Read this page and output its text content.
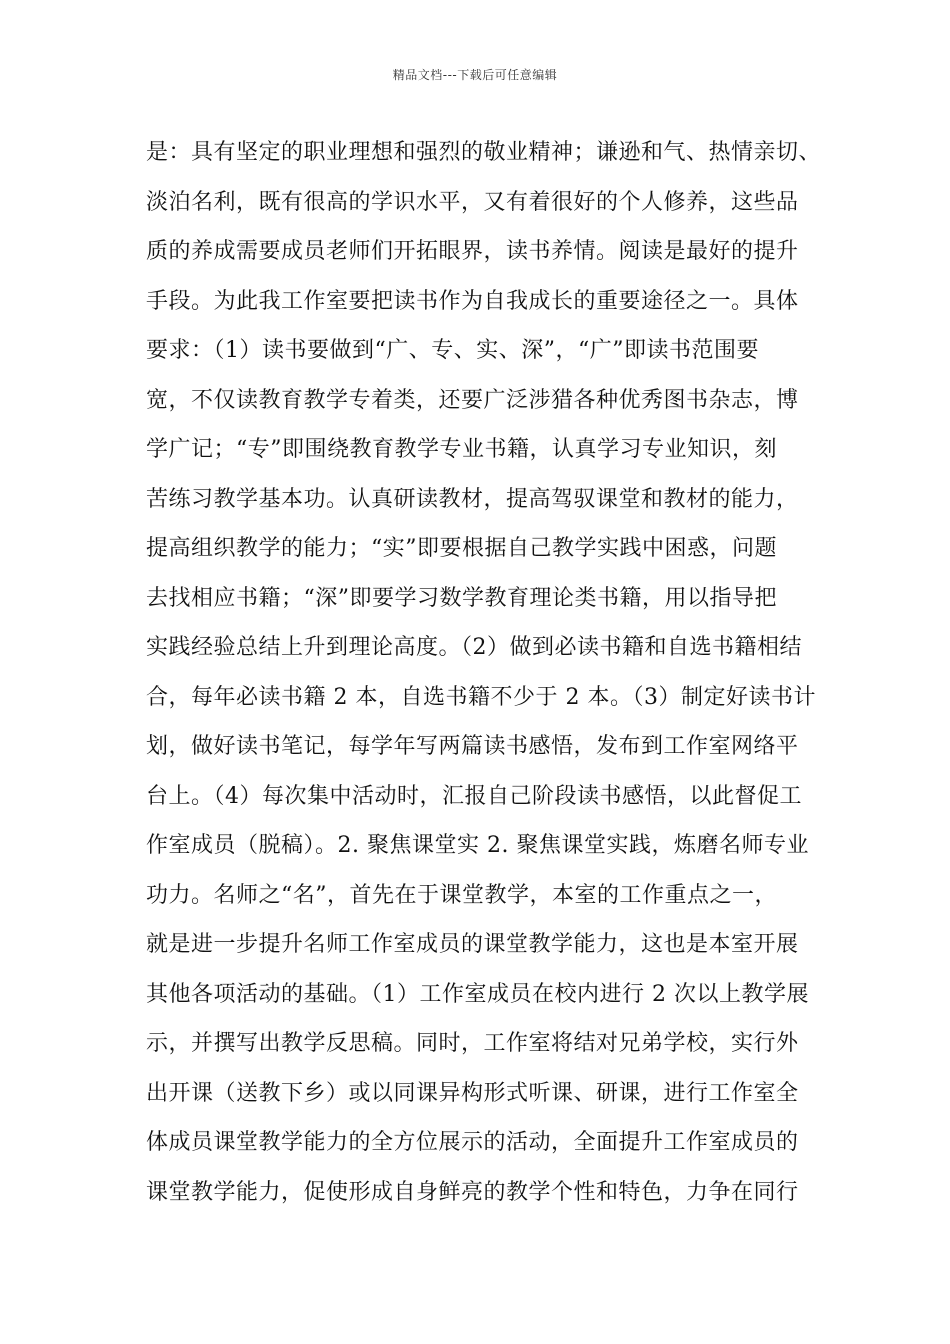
精品文档---下载后可任意编辑
是：具有坚定的职业理想和强烈的敬业精神；谦逊和气、热情亲切、
淡泊名利，既有很高的学识水平，又有着很好的个人修养，这些品
质的养成需要成员老师们开拓眼界，读书养情。阅读是最好的提升
手段。为此我工作室要把读书作为自我成长的重要途径之一。具体
要求：（1）读书要做到“广、专、实、深”，“广”即读书范围要
宽，不仅读教育教学专着类，还要广泛涉猎各种优秀图书杂志，博
学广记；“专”即围绕教育教学专业书籍，认真学习专业知识，刻
苦练习教学基本功。认真研读教材，提高驾驭课堂和教材的能力，
提高组织教学的能力；“实”即要根据自己教学实践中困惑，问题
去找相应书籍；“深”即要学习数学教育理论类书籍，用以指导把
实践经验总结上升到理论高度。（2）做到必读书籍和自选书籍相结
合，每年必读书籍 2 本，自选书籍不少于 2 本。（3）制定好读书计
划，做好读书笔记，每学年写两篇读书感悟，发布到工作室网络平
台上。（4）每次集中活动时，汇报自己阶段读书感悟，以此督促工
作室成员（脱稿）。2. 聚焦课堂实 2. 聚焦课堂实践，炼磨名师专业
功力。名师之“名”，首先在于课堂教学，本室的工作重点之一，
就是进一步提升名师工作室成员的课堂教学能力，这也是本室开展
其他各项活动的基础。（1）工作室成员在校内进行 2 次以上教学展
示，并撰写出教学反思稿。同时，工作室将结对兄弟学校，实行外
出开课（送教下乡）或以同课异构形式听课、研课，进行工作室全
体成员课堂教学能力的全方位展示的活动，全面提升工作室成员的
课堂教学能力，促使形成自身鲜亮的教学个性和特色，力争在同行
